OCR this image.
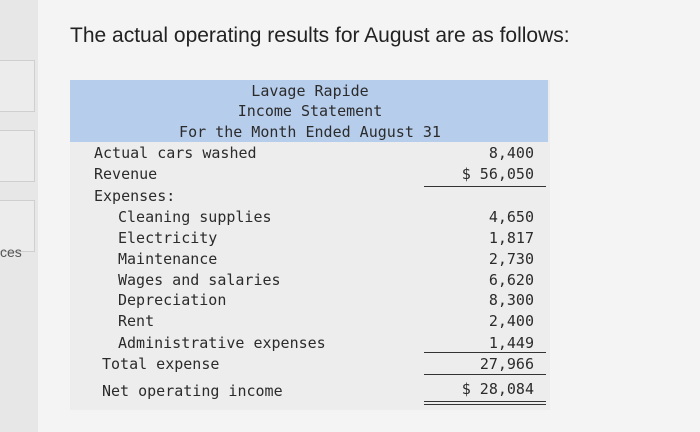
ces
The actual operating results for August are as follows:
Lavage Rapide
Income Statement
For the Month Ended August 31
Actual cars washed
Revenue
Expenses:
Cleaning supplies
Electricity
Maintenance
Wages and salaries
Depreciation
Rent
Administrative expenses
Total expense
Net operating income
8,400
$ 56,050
4,650
1,817
2,730
6,620
8,300
2,400
1,449
27,966
$ 28,084
